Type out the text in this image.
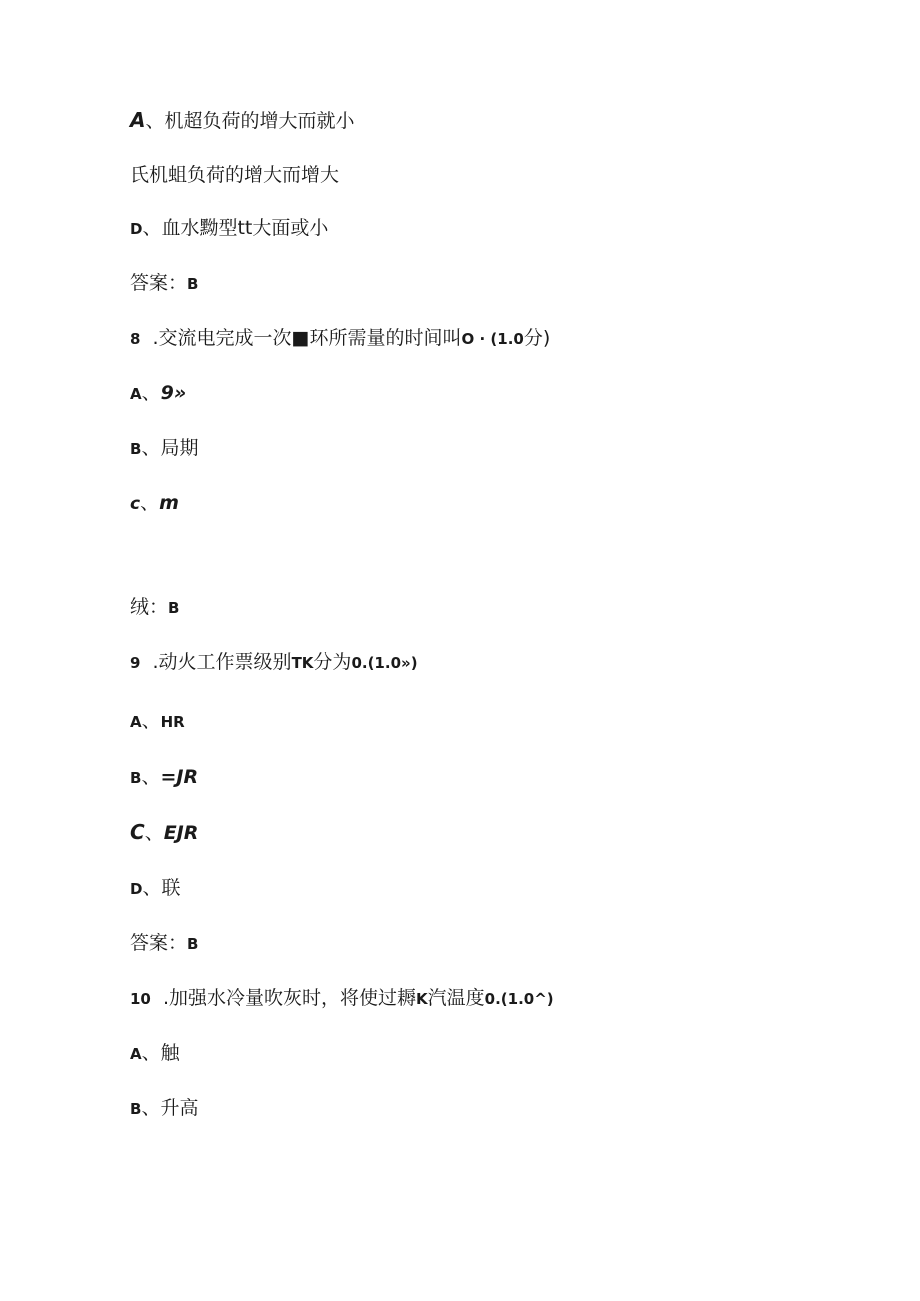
A、机超负荷的增大而就小
氏机蛆负荷的增大而增大
D、血水黝型tt大面或小
答案：B
8  .交流电完成一次■环所需量的时间叫O · (1.0分)
A、9»
B、局期
c、m
绒：B
9  .动火工作票级别TK分为0.(1.0»)
A、HR
B、=JR
C、EJR
D、联
答案：B
10  .加强水冷量吹灰时，将使过耨K汽温度0.(1.0^)
A、触
B、升高
